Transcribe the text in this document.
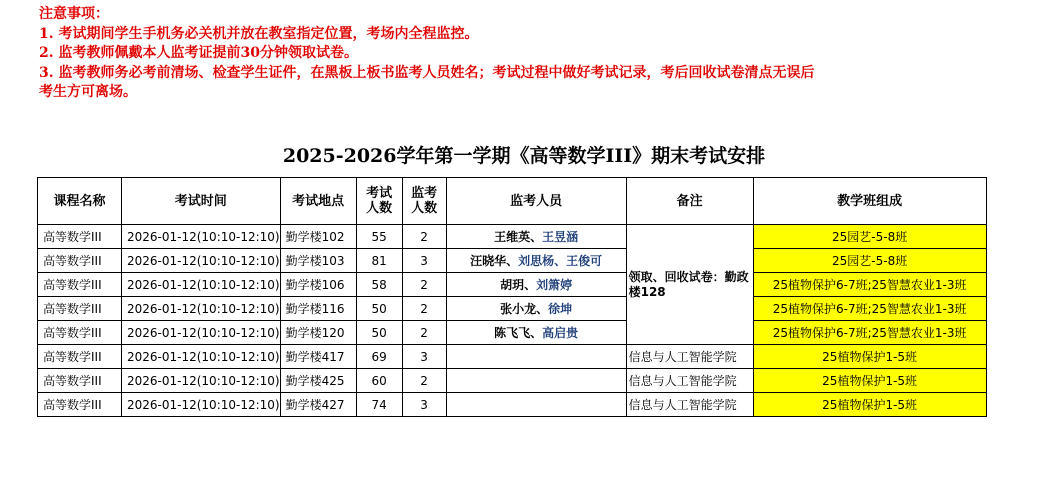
注意事项：
1. 考试期间学生手机务必关机并放在教室指定位置，考场内全程监控。
2. 监考教师佩戴本人监考证提前30分钟领取试卷。
3. 监考教师务必考前清场、检查学生证件，在黑板上板书监考人员姓名；考试过程中做好考试记录，考后回收试卷清点无误后
考生方可离场。
2025-2026学年第一学期《高等数学III》期末考试安排
课程名称	考试时间	考试地点	考试人数	监考人数	监考人员	备注	教学班组成
高等数学III	2026-01-12(10:10-12:10)	勤学楼102	55	2	王维英、王昱涵	领取、回收试卷：勤政楼128	25园艺-5-8班
高等数学III	2026-01-12(10:10-12:10)	勤学楼103	81	3	汪晓华、刘思杨、王俊可		25园艺-5-8班
高等数学III	2026-01-12(10:10-12:10)	勤学楼106	58	2	胡玥、刘箫婷		25植物保护6-7班;25智慧农业1-3班
高等数学III	2026-01-12(10:10-12:10)	勤学楼116	50	2	张小龙、徐坤		25植物保护6-7班;25智慧农业1-3班
高等数学III	2026-01-12(10:10-12:10)	勤学楼120	50	2	陈飞飞、高启贵		25植物保护6-7班;25智慧农业1-3班
高等数学III	2026-01-12(10:10-12:10)	勤学楼417	69	3		信息与人工智能学院	25植物保护1-5班
高等数学III	2026-01-12(10:10-12:10)	勤学楼425	60	2		信息与人工智能学院	25植物保护1-5班
高等数学III	2026-01-12(10:10-12:10)	勤学楼427	74	3		信息与人工智能学院	25植物保护1-5班
